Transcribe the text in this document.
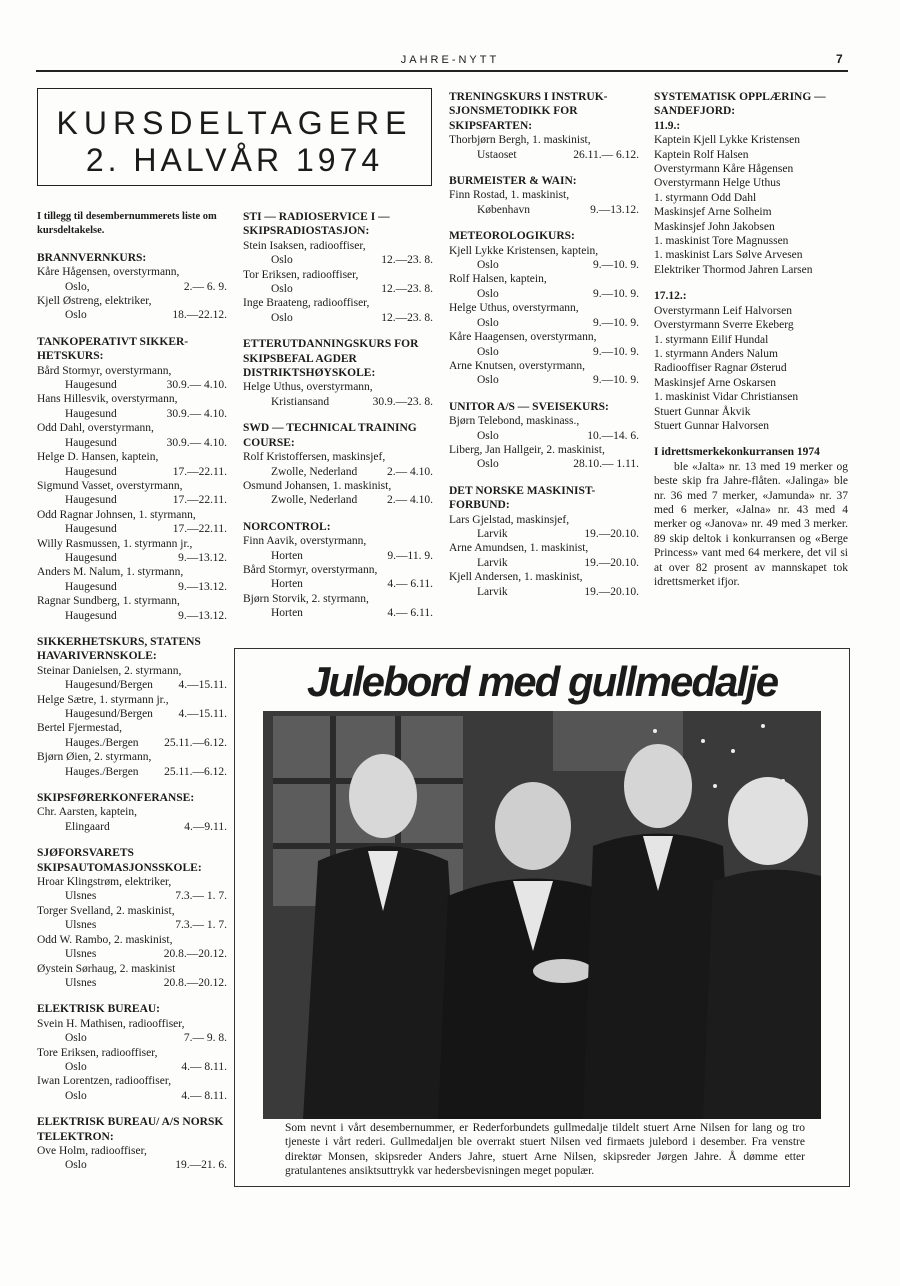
JAHRE-NYTT	7
KURSDELTAGERE
2. HALVÅR 1974
I tillegg til desembernummerets liste om kursdeltakelse.
BRANNVERNKURS:
Kåre Hågensen, overstyrmann,
Oslo,	2.— 6. 9.
Kjell Østreng, elektriker,
Oslo	18.—22.12.
TANKOPERATIVT SIKKER-HETSKURS:
Bård Stormyr, overstyrmann,
Haugesund	30.9.— 4.10.
Hans Hillesvik, overstyrmann,
Haugesund	30.9.— 4.10.
Odd Dahl, overstyrmann,
Haugesund	30.9.— 4.10.
Helge D. Hansen, kaptein,
Haugesund	17.—22.11.
Sigmund Vasset, overstyrmann,
Haugesund	17.—22.11.
Odd Ragnar Johnsen, 1. styrmann,
Haugesund	17.—22.11.
Willy Rasmussen, 1. styrmann jr.,
Haugesund	9.—13.12.
Anders M. Nalum, 1. styrmann,
Haugesund	9.—13.12.
Ragnar Sundberg, 1. styrmann,
Haugesund	9.—13.12.
SIKKERHETSKURS, STATENS HAVARIVERNSKOLE:
Steinar Danielsen, 2. styrmann,
Haugesund/Bergen 4.—15.11.
Helge Sætre, 1. styrmann jr.,
Haugesund/Bergen 4.—15.11.
Bertel Fjermestad,
Hauges./Bergen 25.11.—6.12.
Bjørn Øien, 2. styrmann,
Hauges./Bergen 25.11.—6.12.
SKIPSFØRERKONFERANSE:
Chr. Aarsten, kaptein,
Elingaard	4.—9.11.
SJØFORSVARETS SKIPSAUTOMASJONSSKOLE:
Hroar Klingstrøm, elektriker,
Ulsnes	7.3.— 1. 7.
Torger Svelland, 2. maskinist,
Ulsnes	7.3.— 1. 7.
Odd W. Rambo, 2. maskinist,
Ulsnes	20.8.—20.12.
Øystein Sørhaug, 2. maskinist
Ulsnes	20.8.—20.12.
ELEKTRISK BUREAU:
Svein H. Mathisen, radiooffiser,
Oslo	7.— 9. 8.
Tore Eriksen, radiooffiser,
Oslo	4.— 8.11.
Iwan Lorentzen, radiooffiser,
Oslo	4.— 8.11.
ELEKTRISK BUREAU/ A/S NORSK TELEKTRON:
Ove Holm, radiooffiser,
Oslo	19.—21. 6.
STI — RADIOSERVICE I — SKIPSRADIOSTASJON:
Stein Isaksen, radiooffiser,
Oslo	12.—23. 8.
Tor Eriksen, radiooffiser,
Oslo	12.—23. 8.
Inge Braateng, radiooffiser,
Oslo	12.—23. 8.
ETTERUTDANNINGSKURS FOR SKIPSBEFAL AGDER DISTRIKTSHØYSKOLE:
Helge Uthus, overstyrmann,
Kristiansand	30.9.—23. 8.
SWD — TECHNICAL TRAINING COURSE:
Rolf Kristoffersen, maskinsjef,
Zwolle, Nederland	2.— 4.10.
Osmund Johansen, 1. maskinist,
Zwolle, Nederland	2.— 4.10.
NORCONTROL:
Finn Aavik, overstyrmann,
Horten	9.—11. 9.
Bård Stormyr, overstyrmann,
Horten	4.— 6.11.
Bjørn Storvik, 2. styrmann,
Horten	4.— 6.11.
TRENINGSKURS I INSTRUK-SJONSMETODIKK FOR SKIPSFARTEN:
Thorbjørn Bergh, 1. maskinist,
Ustaoset	26.11.— 6.12.
BURMEISTER & WAIN:
Finn Rostad, 1. maskinist,
København	9.—13.12.
METEOROLOGIKURS:
Kjell Lykke Kristensen, kaptein,
Oslo	9.—10. 9.
Rolf Halsen, kaptein,
Oslo	9.—10. 9.
Helge Uthus, overstyrmann,
Oslo	9.—10. 9.
Kåre Haagensen, overstyrmann,
Oslo	9.—10. 9.
Arne Knutsen, overstyrmann,
Oslo	9.—10. 9.
UNITOR A/S — SVEISEKURS:
Bjørn Telebond, maskinass.,
Oslo	10.—14. 6.
Liberg, Jan Hallgeir, 2. maskinist,
Oslo	28.10.— 1.11.
DET NORSKE MASKINIST-FORBUND:
Lars Gjelstad, maskinsjef,
Larvik	19.—20.10.
Arne Amundsen, 1. maskinist,
Larvik	19.—20.10.
Kjell Andersen, 1. maskinist,
Larvik	19.—20.10.
SYSTEMATISK OPPLÆRING — SANDEFJORD:
11.9.:
Kaptein Kjell Lykke Kristensen
Kaptein Rolf Halsen
Overstyrmann Kåre Hågensen
Overstyrmann Helge Uthus
1. styrmann Odd Dahl
Maskinsjef Arne Solheim
Maskinsjef John Jakobsen
1. maskinist Tore Magnussen
1. maskinist Lars Sølve Arvesen
Elektriker Thormod Jahren Larsen
17.12.:
Overstyrmann Leif Halvorsen
Overstyrmann Sverre Ekeberg
1. styrmann Eilif Hundal
1. styrmann Anders Nalum
Radiooffiser Ragnar Østerud
Maskinsjef Arne Oskarsen
1. maskinist Vidar Christiansen
Stuert Gunnar Åkvik
Stuert Gunnar Halvorsen
I idrettsmerkekonkurransen 1974
ble «Jalta» nr. 13 med 19 merker og beste skip fra Jahre-flåten. «Jalinga» ble nr. 36 med 7 merker, «Jamunda» nr. 37 med 6 merker, «Jalna» nr. 43 med 4 merker og «Janova» nr. 49 med 3 merker. 89 skip deltok i konkurransen og «Berge Princess» vant med 64 merkere, det vil si at over 82 prosent av mannskapet tok idrettsmerket ifjor.
Julebord med gullmedalje
Som nevnt i vårt desembernummer, er Rederforbundets gullmedalje tildelt stuert Arne Nilsen for lang og tro tjeneste i vårt rederi. Gullmedaljen ble overrakt stuert Nilsen ved firmaets julebord i desember. Fra venstre direktør Monsen, skipsreder Anders Jahre, stuert Arne Nilsen, skipsreder Jørgen Jahre. Å dømme etter gratulantenes ansiktsuttrykk var hedersbevisningen meget populær.
